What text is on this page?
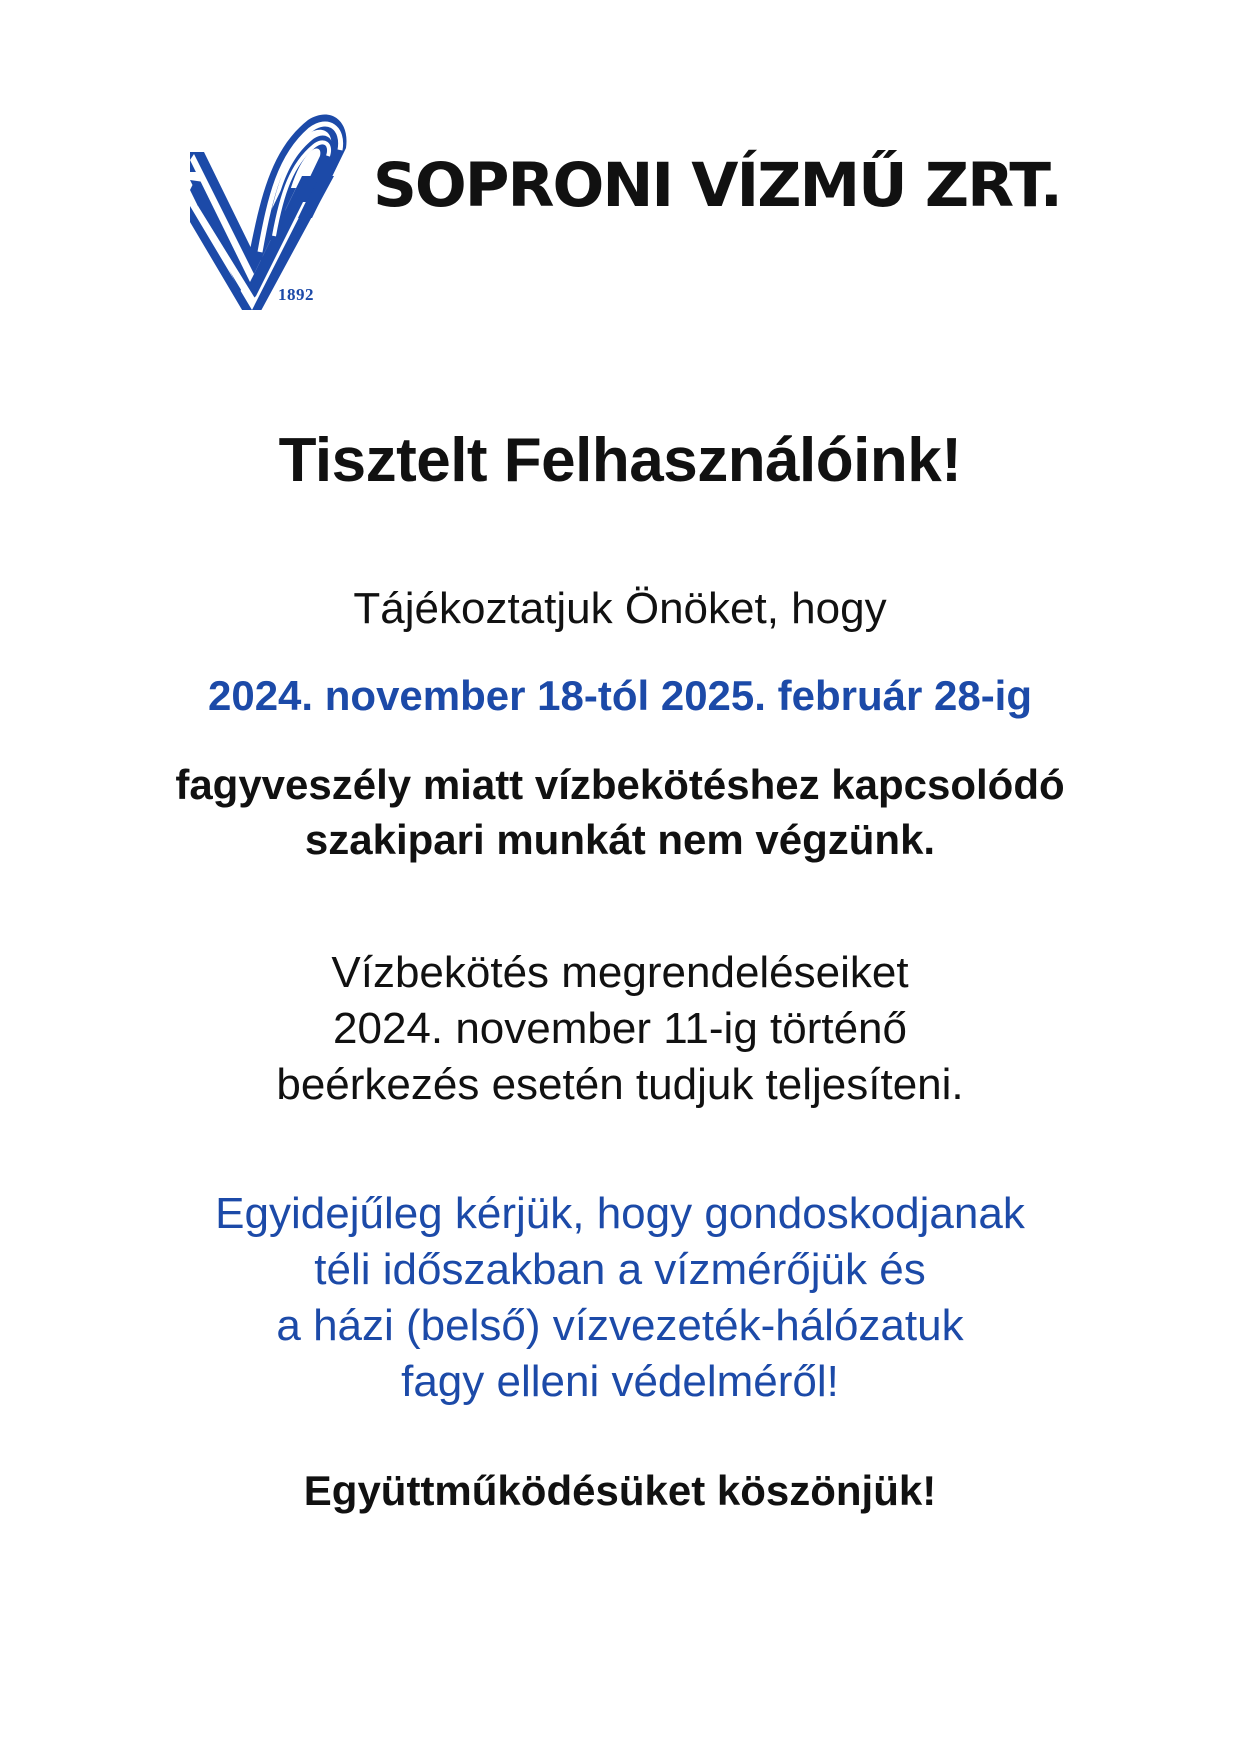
1892
SOPRONI VÍZMŰ ZRT.

Tisztelt Felhasználóink!

Tájékoztatjuk Önöket, hogy

2024. november 18-tól 2025. február 28-ig

fagyveszély miatt vízbekötéshez kapcsolódó
szakipari munkát nem végzünk.

Vízbekötés megrendeléseiket
2024. november 11-ig történő
beérkezés esetén tudjuk teljesíteni.

Egyidejűleg kérjük, hogy gondoskodjanak
téli időszakban a vízmérőjük és
a házi (belső) vízvezeték-hálózatuk
fagy elleni védelméről!

Együttműködésüket köszönjük!
